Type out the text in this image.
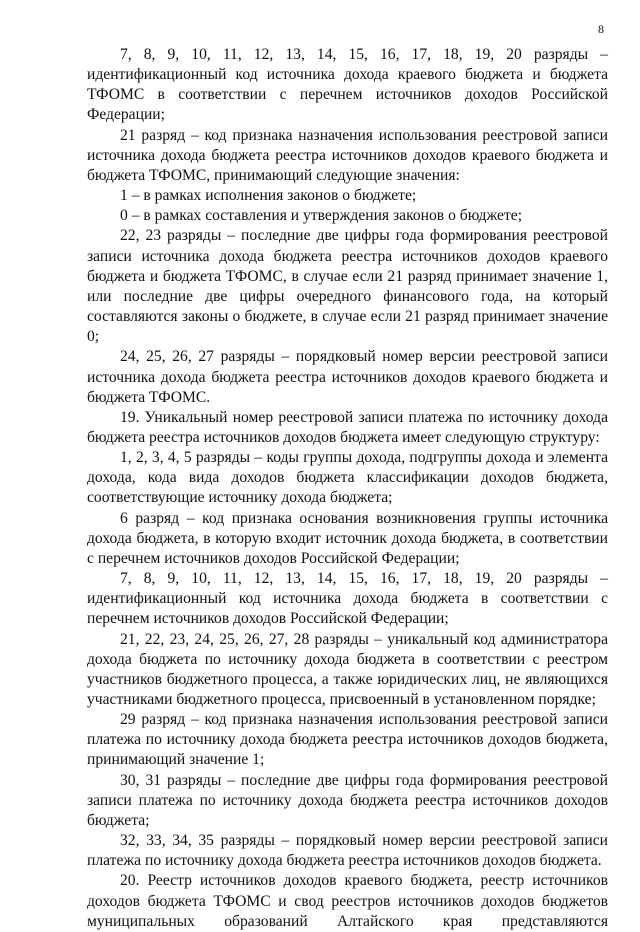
8

7, 8, 9, 10, 11, 12, 13, 14, 15, 16, 17, 18, 19, 20 разряды – идентификационный код источника дохода краевого бюджета и бюджета ТФОМС в соответствии с перечнем источников доходов Российской Федерации;

21 разряд – код признака назначения использования реестровой записи источника дохода бюджета реестра источников доходов краевого бюджета и бюджета ТФОМС, принимающий следующие значения:

1 – в рамках исполнения законов о бюджете;

0 – в рамках составления и утверждения законов о бюджете;

22, 23 разряды – последние две цифры года формирования реестровой записи источника дохода бюджета реестра источников доходов краевого бюджета и бюджета ТФОМС, в случае если 21 разряд принимает значение 1, или последние две цифры очередного финансового года, на который составляются законы о бюджете, в случае если 21 разряд принимает значение 0;

24, 25, 26, 27 разряды – порядковый номер версии реестровой записи источника дохода бюджета реестра источников доходов краевого бюджета и бюджета ТФОМС.

19. Уникальный номер реестровой записи платежа по источнику дохода бюджета реестра источников доходов бюджета имеет следующую структуру:

1, 2, 3, 4, 5 разряды – коды группы дохода, подгруппы дохода и элемента дохода, кода вида доходов бюджета классификации доходов бюджета, соответствующие источнику дохода бюджета;

6 разряд – код признака основания возникновения группы источника дохода бюджета, в которую входит источник дохода бюджета, в соответствии с перечнем источников доходов Российской Федерации;

7, 8, 9, 10, 11, 12, 13, 14, 15, 16, 17, 18, 19, 20 разряды – идентификационный код источника дохода бюджета в соответствии с перечнем источников доходов Российской Федерации;

21, 22, 23, 24, 25, 26, 27, 28 разряды – уникальный код администратора дохода бюджета по источнику дохода бюджета в соответствии с реестром участников бюджетного процесса, а также юридических лиц, не являющихся участниками бюджетного процесса, присвоенный в установленном порядке;

29 разряд – код признака назначения использования реестровой записи платежа по источнику дохода бюджета реестра источников доходов бюджета, принимающий значение 1;

30, 31 разряды – последние две цифры года формирования реестровой записи платежа по источнику дохода бюджета реестра источников доходов бюджета;

32, 33, 34, 35 разряды – порядковый номер версии реестровой записи платежа по источнику дохода бюджета реестра источников доходов бюджета.

20. Реестр источников доходов краевого бюджета, реестр источников доходов бюджета ТФОМС и свод реестров источников доходов бюджетов муниципальных образований Алтайского края представляются
